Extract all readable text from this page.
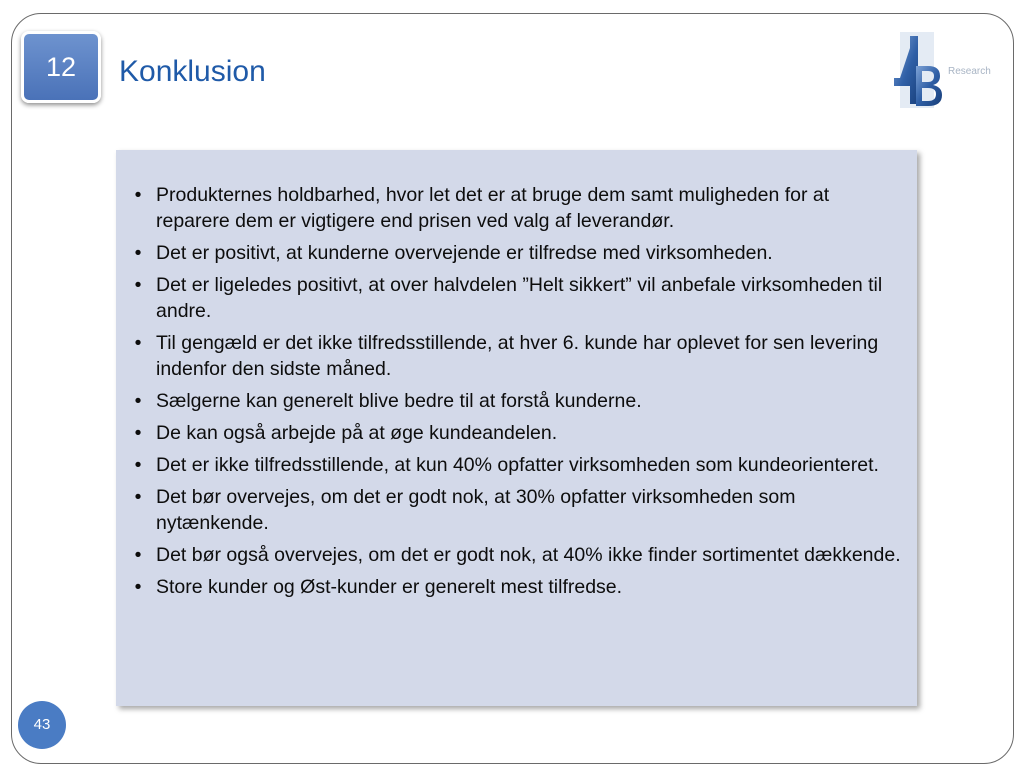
12	Konklusion	Research
• Produkternes holdbarhed, hvor let det er at bruge dem samt muligheden for at reparere dem er vigtigere end prisen ved valg af leverandør.
• Det er positivt, at kunderne overvejende er tilfredse med virksomheden.
• Det er ligeledes positivt, at over halvdelen ”Helt sikkert” vil anbefale virksomheden til andre.
• Til gengæld er det ikke tilfredsstillende, at hver 6. kunde har oplevet for sen levering indenfor den sidste måned.
• Sælgerne kan generelt blive bedre til at forstå kunderne.
• De kan også arbejde på at øge kundeandelen.
• Det er ikke tilfredsstillende, at kun 40% opfatter virksomheden som kundeorienteret.
• Det bør overvejes, om det er godt nok, at 30% opfatter virksomheden som nytænkende.
• Det bør også overvejes, om det er godt nok, at 40% ikke finder sortimentet dækkende.
• Store kunder og Øst-kunder er generelt mest tilfredse.
43
